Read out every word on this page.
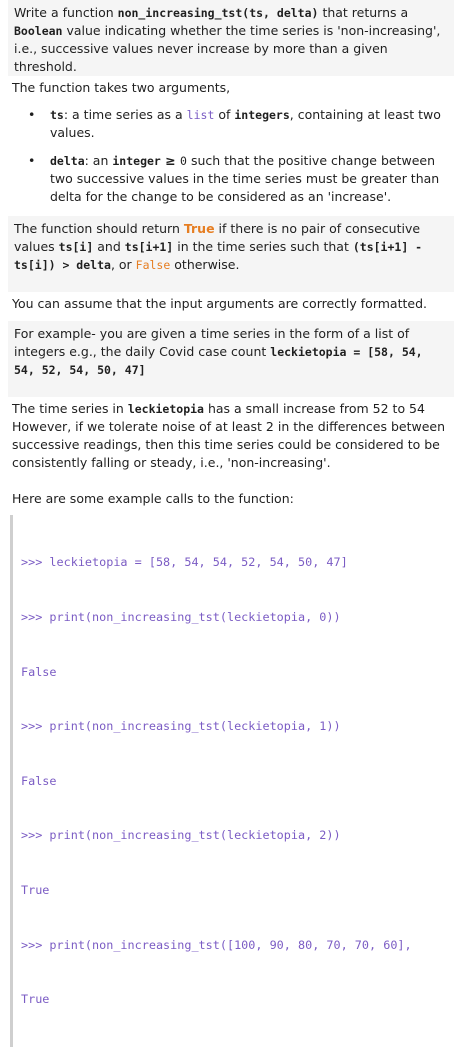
Write a function non_increasing_tst(ts, delta) that returns a Boolean value indicating whether the time series is 'non-increasing', i.e., successive values never increase by more than a given threshold.

The function takes two arguments,

• ts: a time series as a list of integers, containing at least two values.
• delta: an integer ≥ 0 such that the positive change between two successive values in the time series must be greater than delta for the change to be considered as an 'increase'.

The function should return True if there is no pair of consecutive values ts[i] and ts[i+1] in the time series such that (ts[i+1] - ts[i]) > delta, or False otherwise.

You can assume that the input arguments are correctly formatted.

For example- you are given a time series in the form of a list of integers e.g., the daily Covid case count leckietopia = [58, 54, 54, 52, 54, 50, 47]

The time series in leckietopia has a small increase from 52 to 54 However, if we tolerate noise of at least 2 in the differences between successive readings, then this time series could be considered to be consistently falling or steady, i.e., 'non-increasing'.

Here are some example calls to the function:

>>> leckietopia = [58, 54, 54, 52, 54, 50, 47]

>>> print(non_increasing_tst(leckietopia, 0))

False

>>> print(non_increasing_tst(leckietopia, 1))

False

>>> print(non_increasing_tst(leckietopia, 2))

True

>>> print(non_increasing_tst([100, 90, 80, 70, 70, 60],

True
